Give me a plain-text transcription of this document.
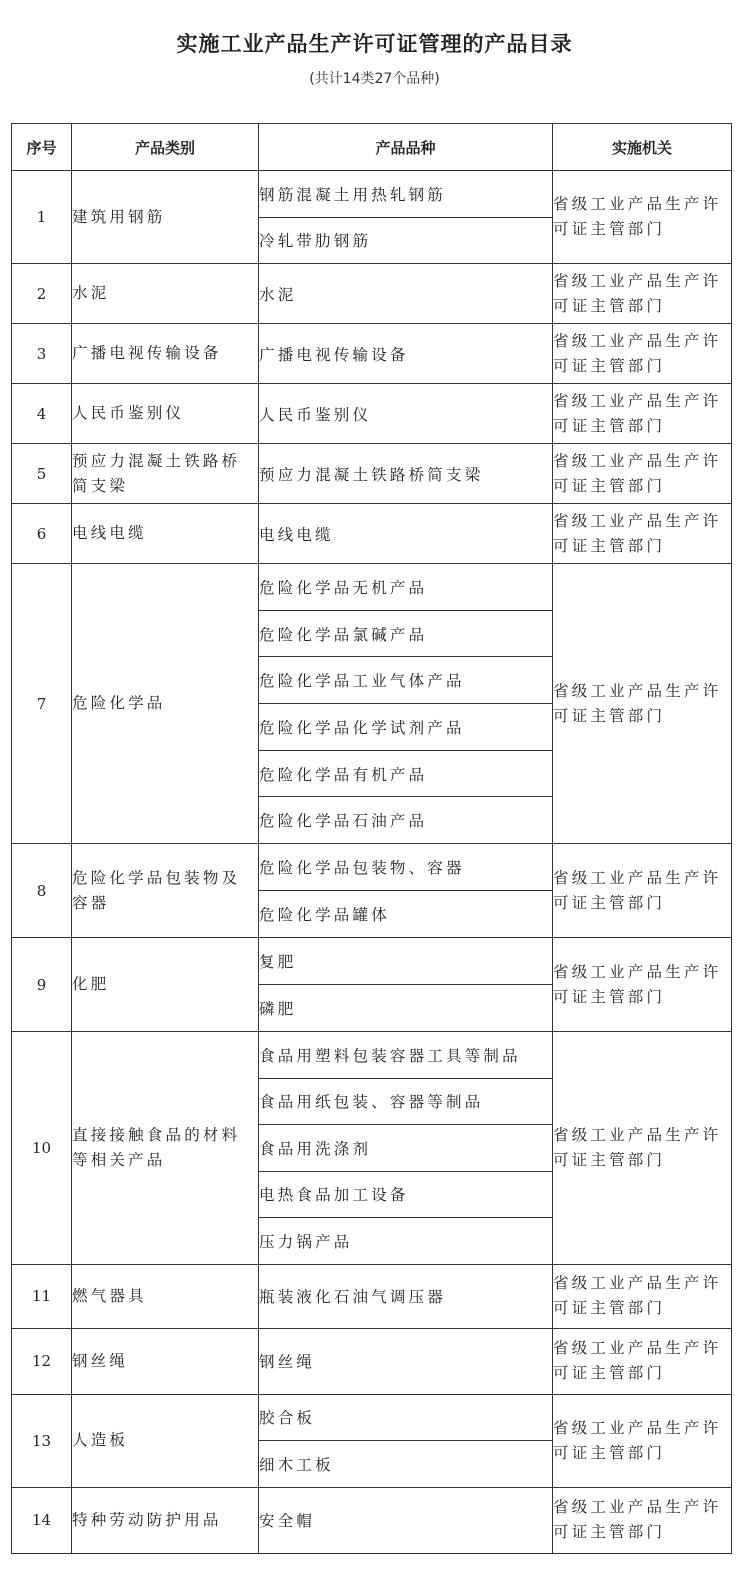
实施工业产品生产许可证管理的产品目录
(共计14类27个品种)
序号	产品类别	产品品种	实施机关
1	建筑用钢筋	钢筋混凝土用热轧钢筋	省级工业产品生产许可证主管部门
		冷轧带肋钢筋	
2	水泥	水泥	省级工业产品生产许可证主管部门
3	广播电视传输设备	广播电视传输设备	省级工业产品生产许可证主管部门
4	人民币鉴别仪	人民币鉴别仪	省级工业产品生产许可证主管部门
5	预应力混凝土铁路桥简支梁	预应力混凝土铁路桥简支梁	省级工业产品生产许可证主管部门
6	电线电缆	电线电缆	省级工业产品生产许可证主管部门
7	危险化学品	危险化学品无机产品	省级工业产品生产许可证主管部门
		危险化学品氯碱产品	
		危险化学品工业气体产品	
		危险化学品化学试剂产品	
		危险化学品有机产品	
		危险化学品石油产品	
8	危险化学品包装物及容器	危险化学品包装物、容器	省级工业产品生产许可证主管部门
		危险化学品罐体	
9	化肥	复肥	省级工业产品生产许可证主管部门
		磷肥	
10	直接接触食品的材料等相关产品	食品用塑料包装容器工具等制品	省级工业产品生产许可证主管部门
		食品用纸包装、容器等制品	
		食品用洗涤剂	
		电热食品加工设备	
		压力锅产品	
11	燃气器具	瓶装液化石油气调压器	省级工业产品生产许可证主管部门
12	钢丝绳	钢丝绳	省级工业产品生产许可证主管部门
13	人造板	胶合板	省级工业产品生产许可证主管部门
		细木工板	
14	特种劳动防护用品	安全帽	省级工业产品生产许可证主管部门
